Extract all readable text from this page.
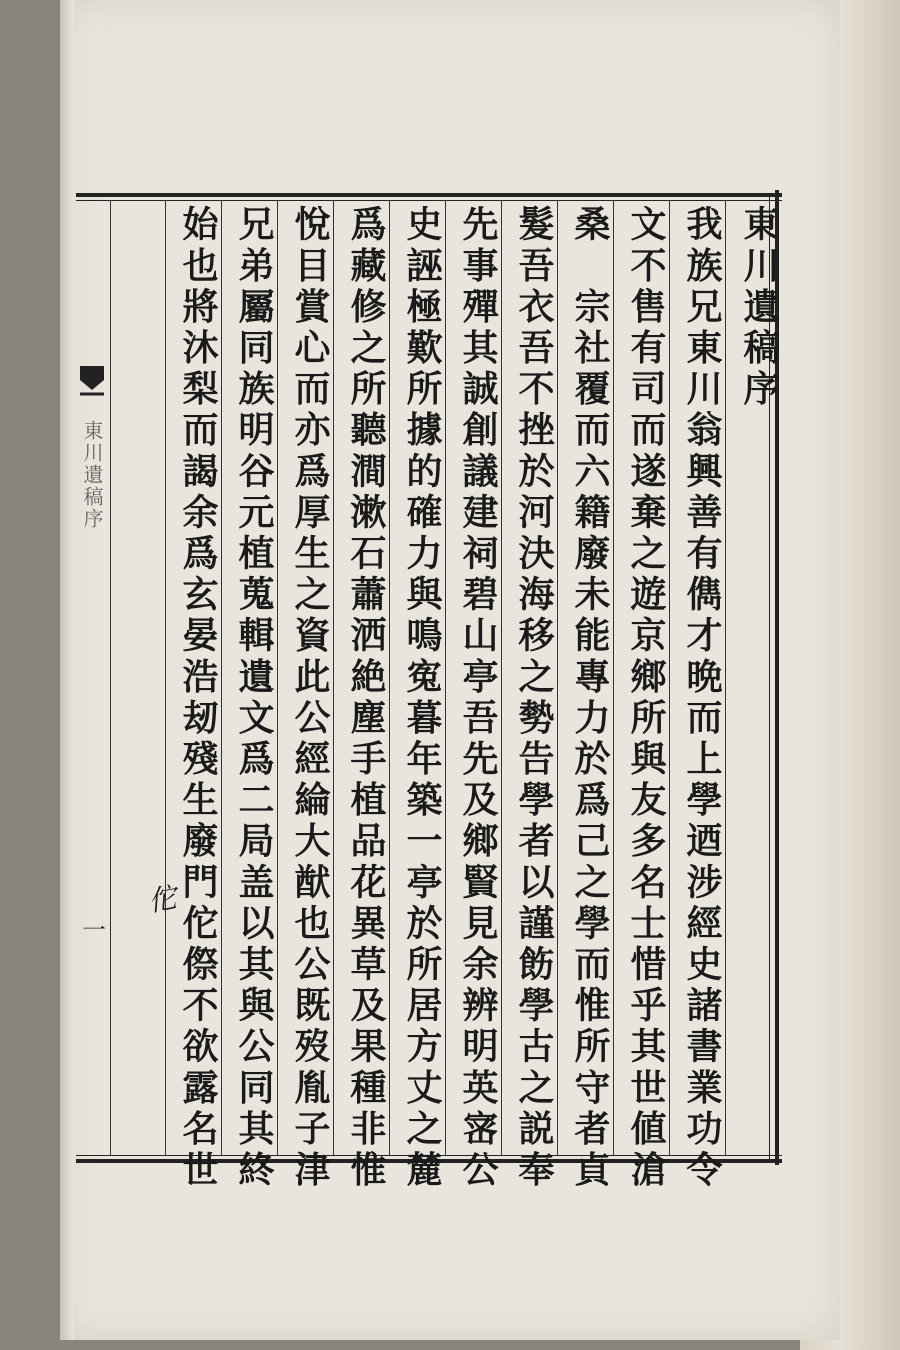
東川遺稿序
一
東川遺稿序
我族兄東川翁興善有儁才晩而上學迺涉經史諸書業功令
文不售有司而遂棄之遊京鄉所與友多名士惜乎其世値滄
桑　宗社覆而六籍廢未能專力於爲己之學而惟所守者貞
髮吾衣吾不挫於河決海移之勢告學者以謹飭學古之説奉
先事殫其誠創議建祠碧山亭吾先及鄉賢見余辨明英宻公
史誣極歎所據的確力與鳴寃暮年築一亭於所居方丈之麓
爲藏修之所聽澗漱石蕭洒絶塵手植品花異草及果種非惟
悅目賞心而亦爲厚生之資此公經綸大猷也公既歿胤子津
兄弟屬同族明谷元植蒐輯遺文爲二局盖以其與公同其終
始也將沐梨而謁余爲玄晏浩刼殘生廢門佗傺不欲露名世
佗
